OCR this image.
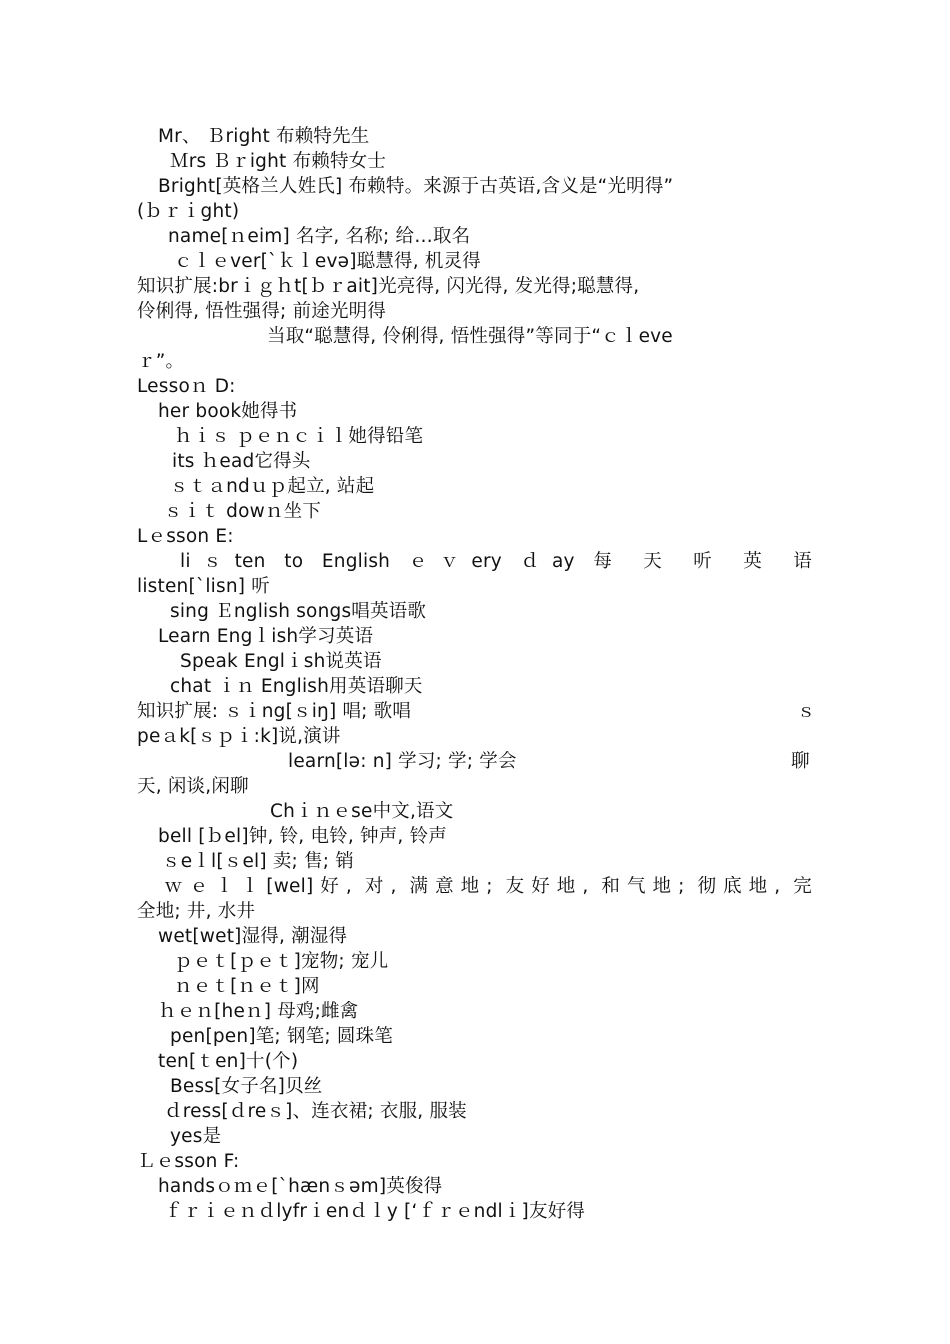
Mr、 Ｂright 布赖特先生
Ｍrs Ｂｒight 布赖特女士
Bright[英格兰人姓氏] 布赖特。来源于古英语,含义是“光明得”
(ｂｒｉght)
name[ｎeim] 名字, 名称; 给…取名
ｃｌｅver[`ｋｌevə]聪慧得, 机灵得
知识扩展:brｉｇｈt[ｂｒait]光亮得, 闪光得, 发光得;聪慧得,
伶俐得, 悟性强得; 前途光明得
当取“聪慧得, 伶俐得, 悟性强得”等同于“ｃｌeve
ｒ”。
Lessoｎ D:
her book她得书
ｈｉｓ ｐｅｎｃｉｌ她得铅笔
its ｈead它得头
ｓｔａndｕｐ起立, 站起
ｓｉｔ dowｎ坐下
Lｅsson E:
liｓten to English ｅｖery ｄay 每 天 听 英 语
listen[`lisn] 听
sing Ｅnglish songs唱英语歌
Learn Engｌish学习英语
Speak Englｉsh说英语
chat ｉｎ English用英语聊天
知识扩展: ｓｉng[ｓiŋ] 唱; 歌唱	ｓ
peａk[ｓｐｉ:k]说,演讲
learn[lə: n] 学习; 学; 学会	聊
天, 闲谈,闲聊
Chｉｎｅse中文,语文
bell [ｂel]钟, 铃, 电铃, 钟声, 铃声
ｓeｌl[ｓel] 卖; 售; 销
ｗｅｌｌ[wel]好, 对, 满意地; 友好地, 和气地; 彻底地, 完
全地; 井, 水井
wet[wet]湿得, 潮湿得
ｐｅｔ[ｐｅｔ]宠物; 宠儿
ｎｅｔ[ｎｅｔ]网
ｈｅｎ[heｎ] 母鸡;雌禽
pen[pen]笔; 钢笔; 圆珠笔
ten[ｔen]十(个)
Bess[女子名]贝丝
ｄress[ｄreｓ]、连衣裙; 衣服, 服装
yes是
Ｌｅsson F:
handsｏｍｅ[`hænｓəm]英俊得
ｆｒｉｅｎｄlyfrｉenｄｌy [‘ｆｒｅndlｉ]友好得
